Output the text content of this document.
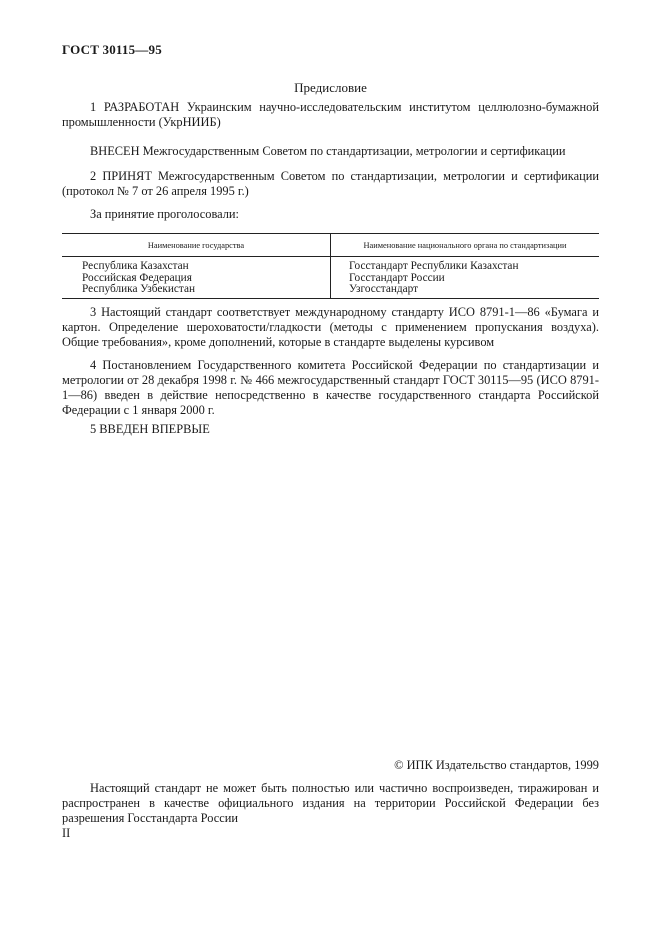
ГОСТ 30115—95
Предисловие
1 РАЗРАБОТАН Украинским научно-исследовательским институтом целлюлозно-бумажной промышленности (УкрНИИБ)
ВНЕСЕН Межгосударственным Советом по стандартизации, метрологии и сертификации
2 ПРИНЯТ Межгосударственным Советом по стандартизации, метрологии и сертификации (протокол № 7 от 26 апреля 1995 г.)
За принятие проголосовали:
Наименование государства	Наименование национального органа по стандартизации
Республика Казахстан	Госстандарт Республики Казахстан
Российская Федерация	Госстандарт России
Республика Узбекистан	Узгосстандарт
3 Настоящий стандарт соответствует международному стандарту ИСО 8791-1—86 «Бумага и картон. Определение шероховатости/гладкости (методы с применением пропускания воздуха). Общие требования», кроме дополнений, которые в стандарте выделены курсивом
4 Постановлением Государственного комитета Российской Федерации по стандартизации и метрологии от 28 декабря 1998 г. № 466 межгосударственный стандарт ГОСТ 30115—95 (ИСО 8791-1—86) введен в действие непосредственно в качестве государственного стандарта Российской Федерации с 1 января 2000 г.
5 ВВЕДЕН ВПЕРВЫЕ
© ИПК Издательство стандартов, 1999
Настоящий стандарт не может быть полностью или частично воспроизведен, тиражирован и распространен в качестве официального издания на территории Российской Федерации без разрешения Госстандарта России
II
